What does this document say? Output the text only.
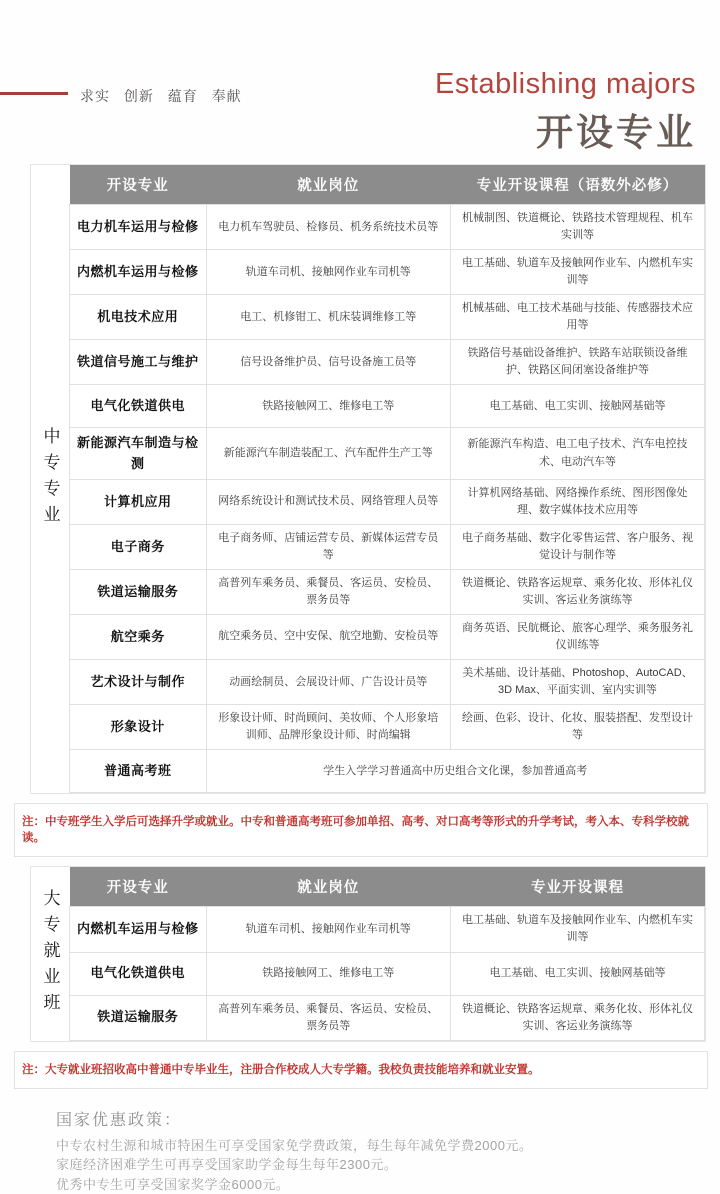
求实 创新 蕴育 奉献	Establishing majors
开设专业
中专专业
开设专业	就业岗位	专业开设课程（语数外必修）
电力机车运用与检修	电力机车驾驶员、检修员、机务系统技术员等	机械制图、铁道概论、铁路技术管理规程、机车实训等
内燃机车运用与检修	轨道车司机、接触网作业车司机等	电工基础、轨道车及接触网作业车、内燃机车实训等
机电技术应用	电工、机修钳工、机床装调维修工等	机械基础、电工技术基础与技能、传感器技术应用等
铁道信号施工与维护	信号设备维护员、信号设备施工员等	铁路信号基础设备维护、铁路车站联锁设备维护、铁路区间闭塞设备维护等
电气化铁道供电	铁路接触网工、维修电工等	电工基础、电工实训、接触网基础等
新能源汽车制造与检测	新能源汽车制造装配工、汽车配件生产工等	新能源汽车构造、电工电子技术、汽车电控技术、电动汽车等
计算机应用	网络系统设计和测试技术员、网络管理人员等	计算机网络基础、网络操作系统、图形图像处理、数字媒体技术应用等
电子商务	电子商务师、店铺运营专员、新媒体运营专员等	电子商务基础、数字化零售运营、客户服务、视觉设计与制作等
铁道运输服务	高普列车乘务员、乘餐员、客运员、安检员、票务员等	铁道概论、铁路客运规章、乘务化妆、形体礼仪实训、客运业务演练等
航空乘务	航空乘务员、空中安保、航空地勤、安检员等	商务英语、民航概论、旅客心理学、乘务服务礼仪训练等
艺术设计与制作	动画绘制员、会展设计师、广告设计员等	美术基础、设计基础、Photoshop、AutoCAD、3D Max、平面实训、室内实训等
形象设计	形象设计师、时尚顾问、美妆师、个人形象培训师、品牌形象设计师、时尚编辑	绘画、色彩、设计、化妆、服装搭配、发型设计等
普通高考班	学生入学学习普通高中历史组合文化课，参加普通高考	
注：中专班学生入学后可选择升学或就业。中专和普通高考班可参加单招、高考、对口高考等形式的升学考试，考入本、专科学校就读。
大专就业班
开设专业	就业岗位	专业开设课程
内燃机车运用与检修	轨道车司机、接触网作业车司机等	电工基础、轨道车及接触网作业车、内燃机车实训等
电气化铁道供电	铁路接触网工、维修电工等	电工基础、电工实训、接触网基础等
铁道运输服务	高普列车乘务员、乘餐员、客运员、安检员、票务员等	铁道概论、铁路客运规章、乘务化妆、形体礼仪实训、客运业务演练等
注：大专就业班招收高中普通中专毕业生，注册合作校成人大专学籍。我校负责技能培养和就业安置。
国家优惠政策：
中专农村生源和城市特困生可享受国家免学费政策，每生每年减免学费2000元。
家庭经济困难学生可再享受国家助学金每生每年2300元。
优秀中专生可享受国家奖学金6000元。
